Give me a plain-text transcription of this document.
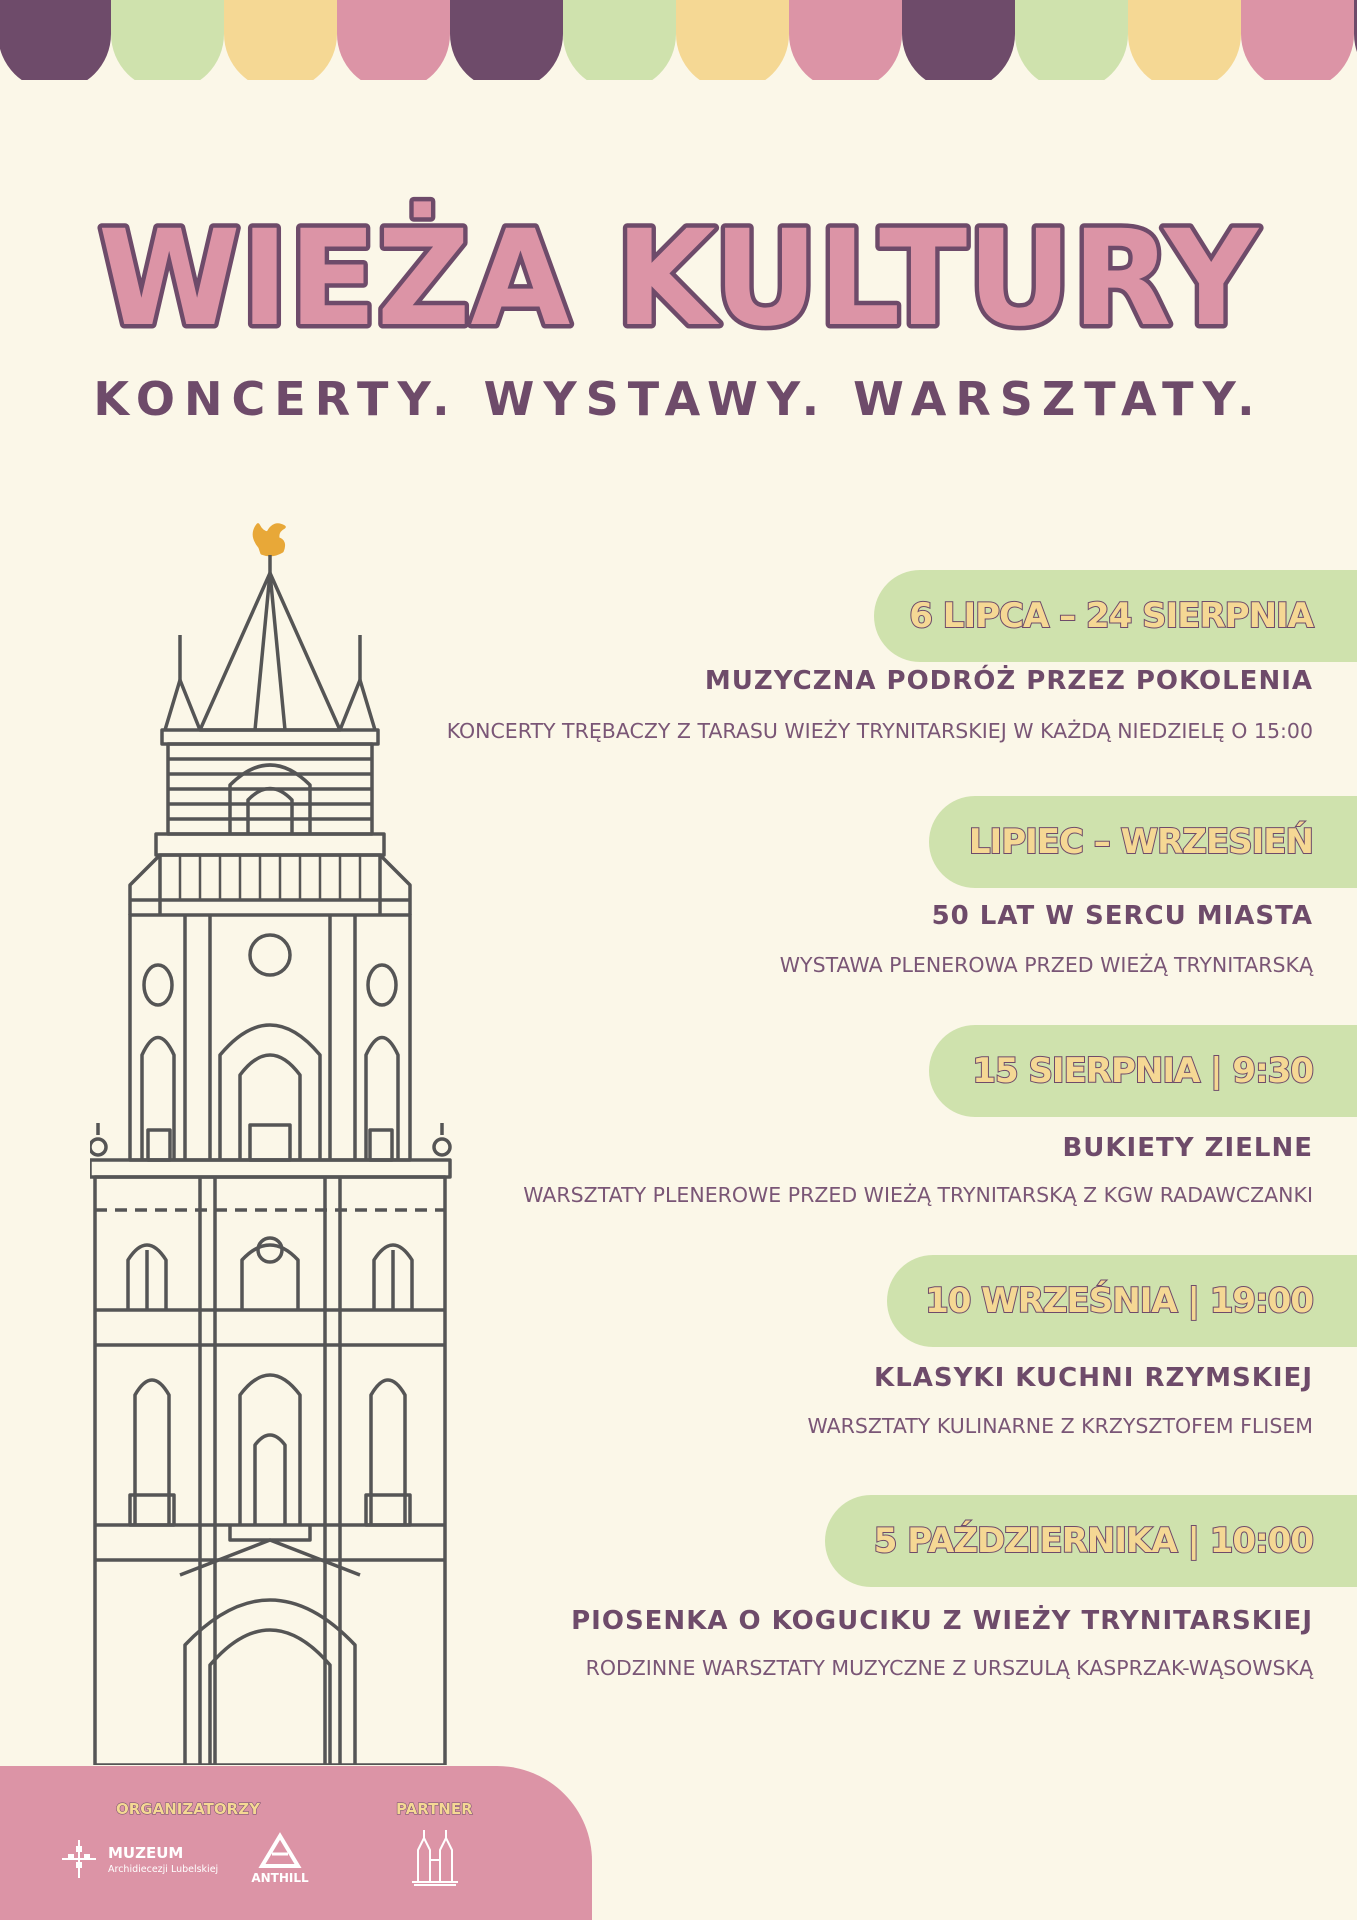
WIEŻA KULTURY
KONCERTY. WYSTAWY. WARSZTATY.
6 LIPCA – 24 SIERPNIA
MUZYCZNA PODRÓŻ PRZEZ POKOLENIA
KONCERTY TRĘBACZY Z TARASU WIEŻY TRYNITARSKIEJ W KAŻDĄ NIEDZIELĘ O 15:00
LIPIEC – WRZESIEŃ
50 LAT W SERCU MIASTA
WYSTAWA PLENEROWA PRZED WIEŻĄ TRYNITARSKĄ
15 SIERPNIA | 9:30
BUKIETY ZIELNE
WARSZTATY PLENEROWE PRZED WIEŻĄ TRYNITARSKĄ Z KGW RADAWCZANKI
10 WRZEŚNIA | 19:00
KLASYKI KUCHNI RZYMSKIEJ
WARSZTATY KULINARNE Z KRZYSZTOFEM FLISEM
5 PAŹDZIERNIKA | 10:00
PIOSENKA O KOGUCIKU Z WIEŻY TRYNITARSKIEJ
RODZINNE WARSZTATY MUZYCZNE Z URSZULĄ KASPRZAK-WĄSOWSKĄ
ORGANIZATORZY	PARTNER
MUZEUM
Archidiecezji Lubelskiej
ANTHILL
